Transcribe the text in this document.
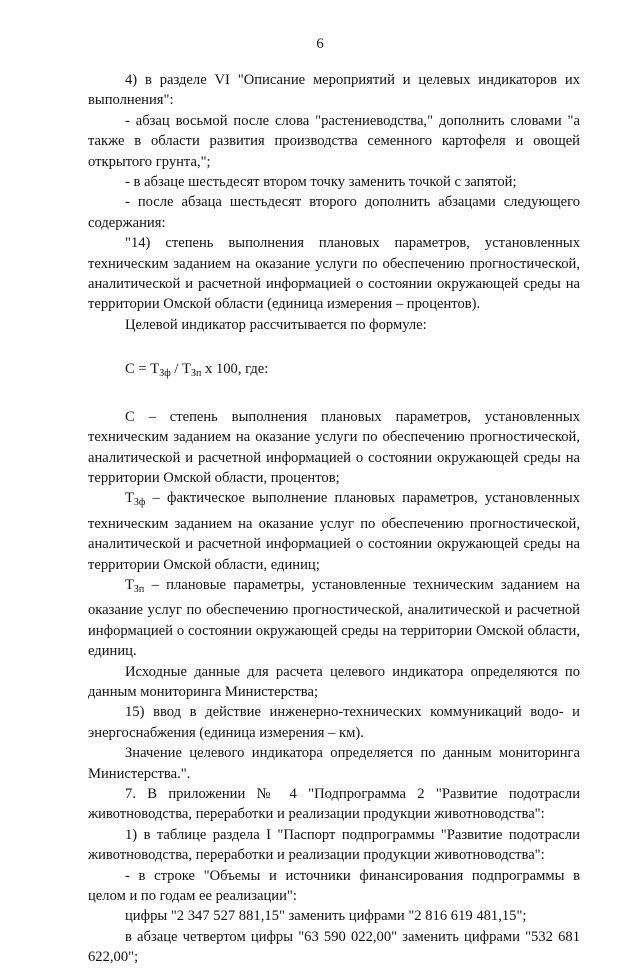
6

4) в разделе VI "Описание мероприятий и целевых индикаторов их выполнения":

- абзац восьмой после слова "растениеводства," дополнить словами "а также в области развития производства семенного картофеля и овощей открытого грунта,";

- в абзаце шестьдесят втором точку заменить точкой с запятой;

- после абзаца шестьдесят второго дополнить абзацами следующего содержания:

"14) степень выполнения плановых параметров, установленных техническим заданием на оказание услуги по обеспечению прогностической, аналитической и расчетной информацией о состоянии окружающей среды на территории Омской области (единица измерения – процентов).

Целевой индикатор рассчитывается по формуле:

$C = Т_{Зф} / Т_{Зп}$ x 100, где:

С – степень выполнения плановых параметров, установленных техническим заданием на оказание услуги по обеспечению прогностической, аналитической и расчетной информацией о состоянии окружающей среды на территории Омской области, процентов;

$Т_{Зф}$ – фактическое выполнение плановых параметров, установленных техническим заданием на оказание услуг по обеспечению прогностической, аналитической и расчетной информацией о состоянии окружающей среды на территории Омской области, единиц;

$Т_{Зп}$ – плановые параметры, установленные техническим заданием на оказание услуг по обеспечению прогностической, аналитической и расчетной информацией о состоянии окружающей среды на территории Омской области, единиц.

Исходные данные для расчета целевого индикатора определяются по данным мониторинга Министерства;

15) ввод в действие инженерно-технических коммуникаций водо- и энергоснабжения (единица измерения – км).

Значение целевого индикатора определяется по данным мониторинга Министерства.".

7. В приложении № 4 "Подпрограмма 2 "Развитие подотрасли животноводства, переработки и реализации продукции животноводства":

1) в таблице раздела I "Паспорт подпрограммы "Развитие подотрасли животноводства, переработки и реализации продукции животноводства":

- в строке "Объемы и источники финансирования подпрограммы в целом и по годам ее реализации":

цифры "2 347 527 881,15" заменить цифрами "2 816 619 481,15";

в абзаце четвертом цифры "63 590 022,00" заменить цифрами "532 681 622,00";
